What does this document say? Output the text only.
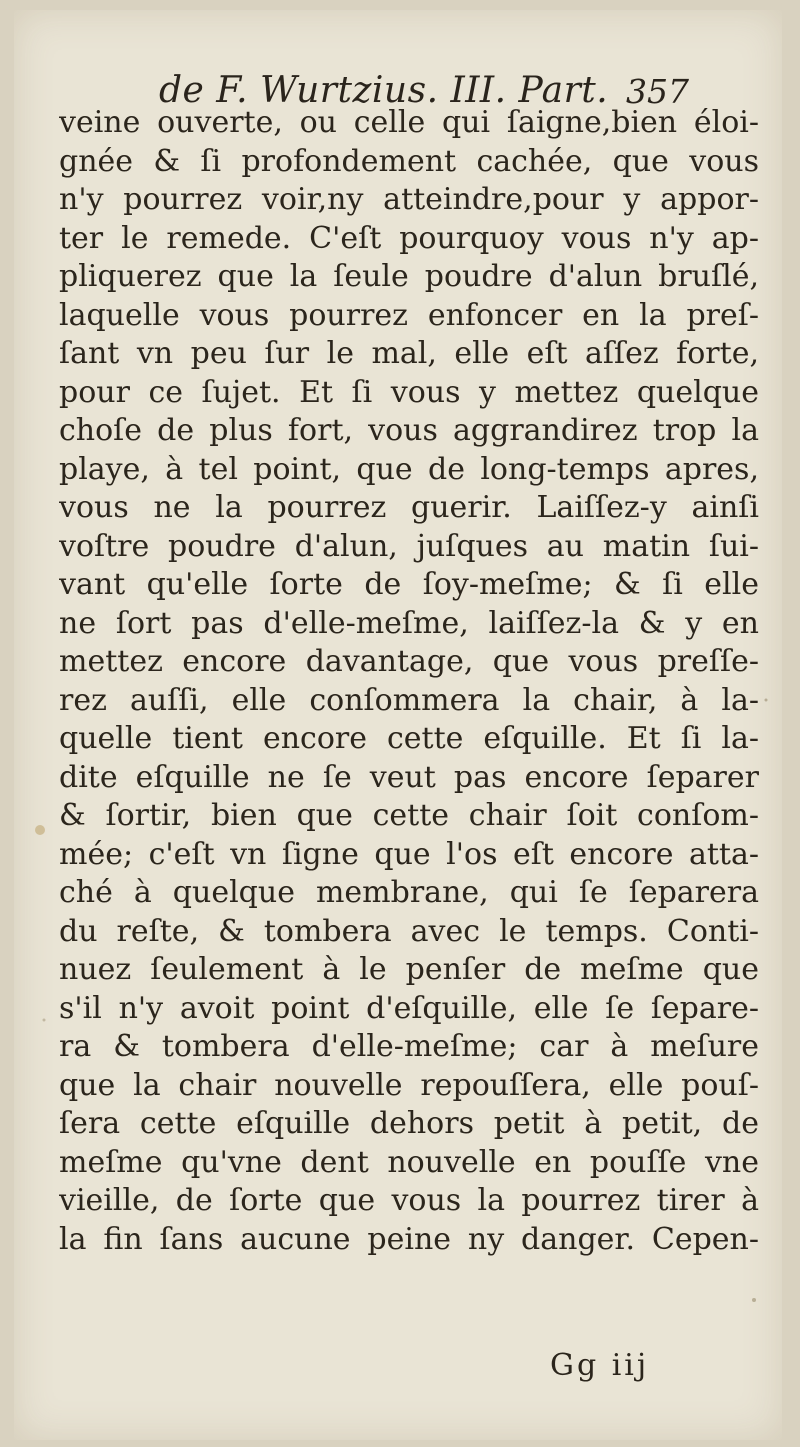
de F. Wurtzius. III. Part. 357
veine ouverte, ou celle qui ſaigne,bien éloi-
gnée & ſi profondement cachée, que vous
n'y pourrez voir,ny atteindre,pour y appor-
ter le remede. C'eſt pourquoy vous n'y ap-
pliquerez que la ſeule poudre d'alun bruſlé,
laquelle vous pourrez enfoncer en la preſ-
ſant vn peu ſur le mal, elle eſt aſſez forte,
pour ce ſujet. Et ſi vous y mettez quelque
choſe de plus fort, vous aggrandirez trop la
playe, à tel point, que de long-temps apres,
vous ne la pourrez guerir. Laiſſez-y ainſi
voſtre poudre d'alun, juſques au matin ſui-
vant qu'elle ſorte de ſoy-meſme; & ſi elle
ne ſort pas d'elle-meſme, laiſſez-la & y en
mettez encore davantage, que vous preſſe-
rez auſſi, elle conſommera la chair, à la-
quelle tient encore cette eſquille. Et ſi la-
dite eſquille ne ſe veut pas encore ſeparer
& ſortir, bien que cette chair ſoit conſom-
mée; c'eſt vn ſigne que l'os eſt encore atta-
ché à quelque membrane, qui ſe ſeparera
du reſte, & tombera avec le temps. Conti-
nuez ſeulement à le penſer de meſme que
s'il n'y avoit point d'eſquille, elle ſe ſepare-
ra & tombera d'elle-meſme; car à meſure
que la chair nouvelle repouſſera, elle pouſ-
ſera cette eſquille dehors petit à petit, de
meſme qu'vne dent nouvelle en pouſſe vne
vieille, de ſorte que vous la pourrez tirer à
la fin ſans aucune peine ny danger. Cepen-
Gg iij
